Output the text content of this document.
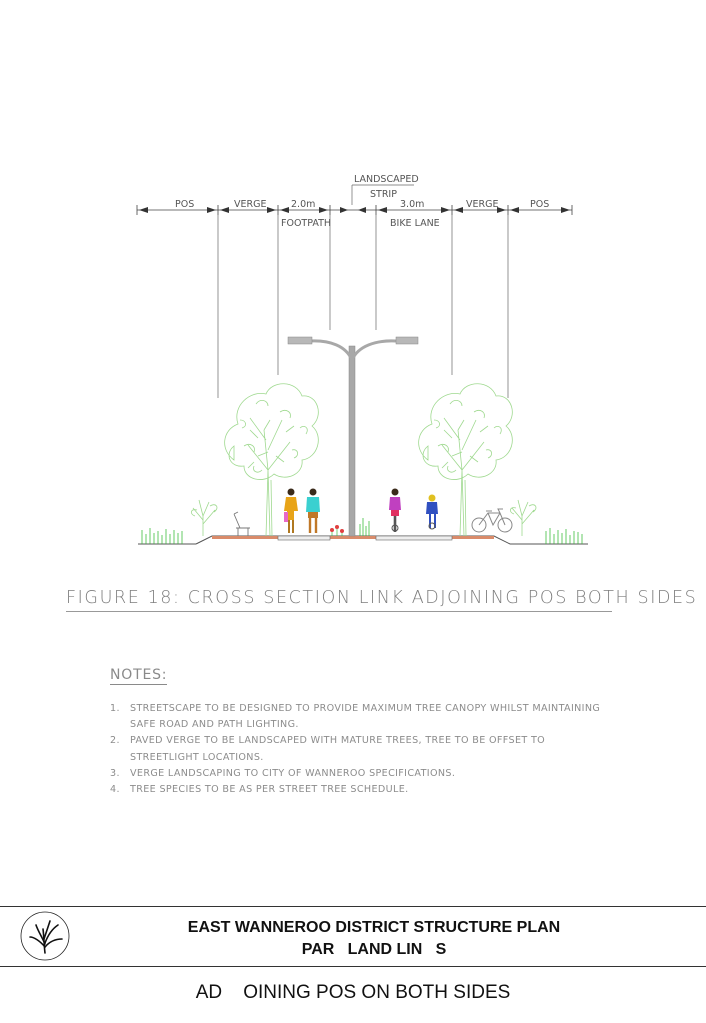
POS	VERGE	2.0m
FOOTPATH
LANDSCAPED
STRIP
3.0m
BIKE LANE
VERGE	POS
FIGURE 18: CROSS SECTION LINK ADJOINING POS BOTH SIDES
NOTES:
1.	STREETSCAPE TO BE DESIGNED TO PROVIDE MAXIMUM TREE CANOPY WHILST MAINTAINING
SAFE ROAD AND PATH LIGHTING.
2.	PAVED VERGE TO BE LANDSCAPED WITH MATURE TREES, TREE TO BE OFFSET TO
STREETLIGHT LOCATIONS.
3.	VERGE LANDSCAPING TO CITY OF WANNEROO SPECIFICATIONS.
4.	TREE SPECIES TO BE AS PER STREET TREE SCHEDULE.
EAST WANNEROO DISTRICT STRUCTURE PLAN
PAR   LAND LIN   S
AD    OINING POS ON BOTH SIDES
